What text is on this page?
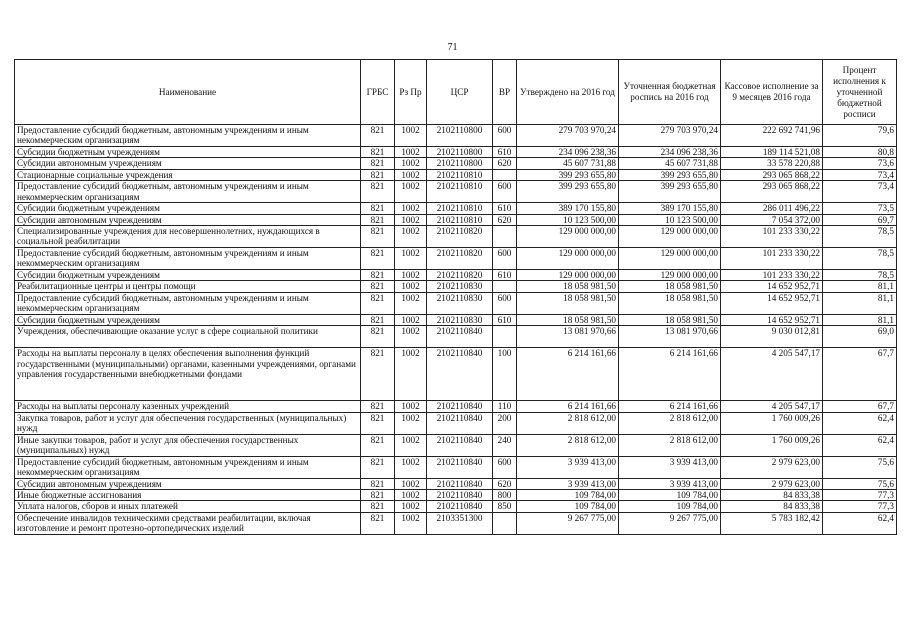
71
Наименование	ГРБС	Рз Пр	ЦСР	ВР	Утверждено на 2016 год	Уточненная бюджетная роспись на 2016 год	Кассовое исполнение за 9 месяцев 2016 года	Процент исполнения к уточненной бюджетной росписи
Предоставление субсидий бюджетным, автономным учреждениям и иным некоммерческим организациям	821	1002	2102110800	600	279 703 970,24	279 703 970,24	222 692 741,96	79,6
Субсидии бюджетным учреждениям	821	1002	2102110800	610	234 096 238,36	234 096 238,36	189 114 521,08	80,8
Субсидии автономным учреждениям	821	1002	2102110800	620	45 607 731,88	45 607 731,88	33 578 220,88	73,6
Стационарные социальные учреждения	821	1002	2102110810		399 293 655,80	399 293 655,80	293 065 868,22	73,4
Предоставление субсидий бюджетным, автономным учреждениям и иным некоммерческим организациям	821	1002	2102110810	600	399 293 655,80	399 293 655,80	293 065 868,22	73,4
Субсидии бюджетным учреждениям	821	1002	2102110810	610	389 170 155,80	389 170 155,80	286 011 496,22	73,5
Субсидии автономным учреждениям	821	1002	2102110810	620	10 123 500,00	10 123 500,00	7 054 372,00	69,7
Специализированные учреждения для несовершеннолетних, нуждающихся в социальной реабилитации	821	1002	2102110820		129 000 000,00	129 000 000,00	101 233 330,22	78,5
Предоставление субсидий бюджетным, автономным учреждениям и иным некоммерческим организациям	821	1002	2102110820	600	129 000 000,00	129 000 000,00	101 233 330,22	78,5
Субсидии бюджетным учреждениям	821	1002	2102110820	610	129 000 000,00	129 000 000,00	101 233 330,22	78,5
Реабилитационные центры и центры помощи	821	1002	2102110830		18 058 981,50	18 058 981,50	14 652 952,71	81,1
Предоставление субсидий бюджетным, автономным учреждениям и иным некоммерческим организациям	821	1002	2102110830	600	18 058 981,50	18 058 981,50	14 652 952,71	81,1
Субсидии бюджетным учреждениям	821	1002	2102110830	610	18 058 981,50	18 058 981,50	14 652 952,71	81,1
Учреждения, обеспечивающие оказание услуг в сфере социальной политики	821	1002	2102110840		13 081 970,66	13 081 970,66	9 030 012,81	69,0
Расходы на выплаты персоналу в целях обеспечения выполнения функций государственными (муниципальными) органами, казенными учреждениями, органами управления государственными внебюджетными фондами	821	1002	2102110840	100	6 214 161,66	6 214 161,66	4 205 547,17	67,7
Расходы на выплаты персоналу казенных учреждений	821	1002	2102110840	110	6 214 161,66	6 214 161,66	4 205 547,17	67,7
Закупка товаров, работ и услуг для обеспечения государственных (муниципальных) нужд	821	1002	2102110840	200	2 818 612,00	2 818 612,00	1 760 009,26	62,4
Иные закупки товаров, работ и услуг для обеспечения государственных (муниципальных) нужд	821	1002	2102110840	240	2 818 612,00	2 818 612,00	1 760 009,26	62,4
Предоставление субсидий бюджетным, автономным учреждениям и иным некоммерческим организациям	821	1002	2102110840	600	3 939 413,00	3 939 413,00	2 979 623,00	75,6
Субсидии автономным учреждениям	821	1002	2102110840	620	3 939 413,00	3 939 413,00	2 979 623,00	75,6
Иные бюджетные ассигнования	821	1002	2102110840	800	109 784,00	109 784,00	84 833,38	77,3
Уплата налогов, сборов и иных платежей	821	1002	2102110840	850	109 784,00	109 784,00	84 833,38	77,3
Обеспечение инвалидов техническими средствами реабилитации, включая изготовление и ремонт протезно-ортопедических изделий	821	1002	2103351300		9 267 775,00	9 267 775,00	5 783 182,42	62,4
